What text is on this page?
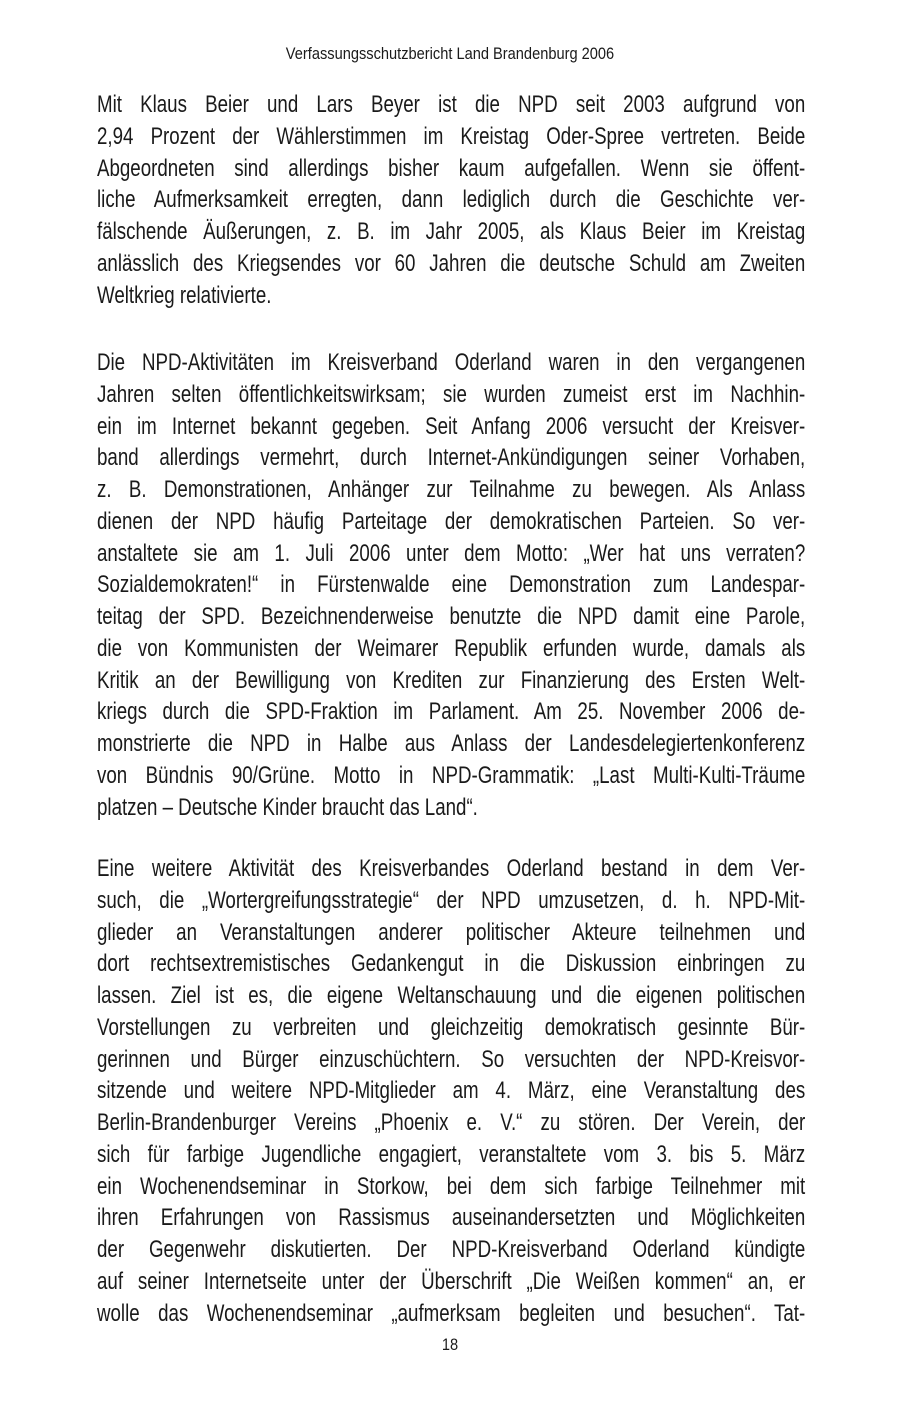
Verfassungsschutzbericht Land Brandenburg 2006
Mit Klaus Beier und Lars Beyer ist die NPD seit 2003 aufgrund von
2,94 Prozent der Wählerstimmen im Kreistag Oder-Spree vertreten. Beide
Abgeordneten sind allerdings bisher kaum aufgefallen. Wenn sie öffent-
liche Aufmerksamkeit erregten, dann lediglich durch die Geschichte ver-
fälschende Äußerungen, z. B. im Jahr 2005, als Klaus Beier im Kreistag
anlässlich des Kriegsendes vor 60 Jahren die deutsche Schuld am Zweiten
Weltkrieg relativierte.
Die NPD-Aktivitäten im Kreisverband Oderland waren in den vergangenen
Jahren selten öffentlichkeitswirksam; sie wurden zumeist erst im Nachhin-
ein im Internet bekannt gegeben. Seit Anfang 2006 versucht der Kreisver-
band allerdings vermehrt, durch Internet-Ankündigungen seiner Vorhaben,
z. B. Demonstrationen, Anhänger zur Teilnahme zu bewegen. Als Anlass
dienen der NPD häufig Parteitage der demokratischen Parteien. So ver-
anstaltete sie am 1. Juli 2006 unter dem Motto: „Wer hat uns verraten?
Sozialdemokraten!“ in Fürstenwalde eine Demonstration zum Landespar-
teitag der SPD. Bezeichnenderweise benutzte die NPD damit eine Parole,
die von Kommunisten der Weimarer Republik erfunden wurde, damals als
Kritik an der Bewilligung von Krediten zur Finanzierung des Ersten Welt-
kriegs durch die SPD-Fraktion im Parlament. Am 25. November 2006 de-
monstrierte die NPD in Halbe aus Anlass der Landesdelegiertenkonferenz
von Bündnis 90/Grüne. Motto in NPD-Grammatik: „Last Multi-Kulti-Träume
platzen – Deutsche Kinder braucht das Land“.
Eine weitere Aktivität des Kreisverbandes Oderland bestand in dem Ver-
such, die „Wortergreifungsstrategie“ der NPD umzusetzen, d. h. NPD-Mit-
glieder an Veranstaltungen anderer politischer Akteure teilnehmen und
dort rechtsextremistisches Gedankengut in die Diskussion einbringen zu
lassen. Ziel ist es, die eigene Weltanschauung und die eigenen politischen
Vorstellungen zu verbreiten und gleichzeitig demokratisch gesinnte Bür-
gerinnen und Bürger einzuschüchtern. So versuchten der NPD-Kreisvor-
sitzende und weitere NPD-Mitglieder am 4. März, eine Veranstaltung des
Berlin-Brandenburger Vereins „Phoenix e. V.“ zu stören. Der Verein, der
sich für farbige Jugendliche engagiert, veranstaltete vom 3. bis 5. März
ein Wochenendseminar in Storkow, bei dem sich farbige Teilnehmer mit
ihren Erfahrungen von Rassismus auseinandersetzten und Möglichkeiten
der Gegenwehr diskutierten. Der NPD-Kreisverband Oderland kündigte
auf seiner Internetseite unter der Überschrift „Die Weißen kommen“ an, er
wolle das Wochenendseminar „aufmerksam begleiten und besuchen“. Tat-
18
